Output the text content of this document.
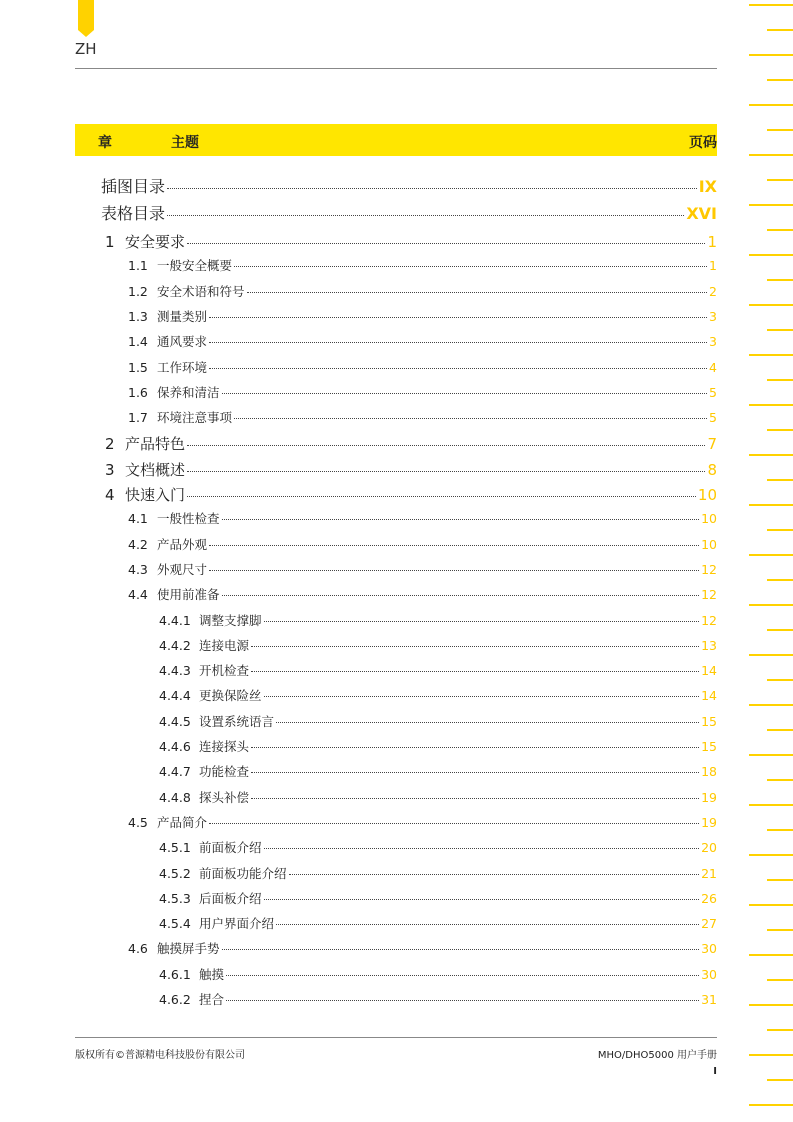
ZH
章	主题	页码
插图目录	IX
表格目录	XVI
1 安全要求	1
1.1 一般安全概要	1
1.2 安全术语和符号	2
1.3 测量类别	3
1.4 通风要求	3
1.5 工作环境	4
1.6 保养和清洁	5
1.7 环境注意事项	5
2 产品特色	7
3 文档概述	8
4 快速入门	10
4.1 一般性检查	10
4.2 产品外观	10
4.3 外观尺寸	12
4.4 使用前准备	12
4.4.1 调整支撑脚	12
4.4.2 连接电源	13
4.4.3 开机检查	14
4.4.4 更换保险丝	14
4.4.5 设置系统语言	15
4.4.6 连接探头	15
4.4.7 功能检查	18
4.4.8 探头补偿	19
4.5 产品简介	19
4.5.1 前面板介绍	20
4.5.2 前面板功能介绍	21
4.5.3 后面板介绍	26
4.5.4 用户界面介绍	27
4.6 触摸屏手势	30
4.6.1 触摸	30
4.6.2 捏合	31
版权所有©普源精电科技股份有限公司	MHO/DHO5000 用户手册
I
